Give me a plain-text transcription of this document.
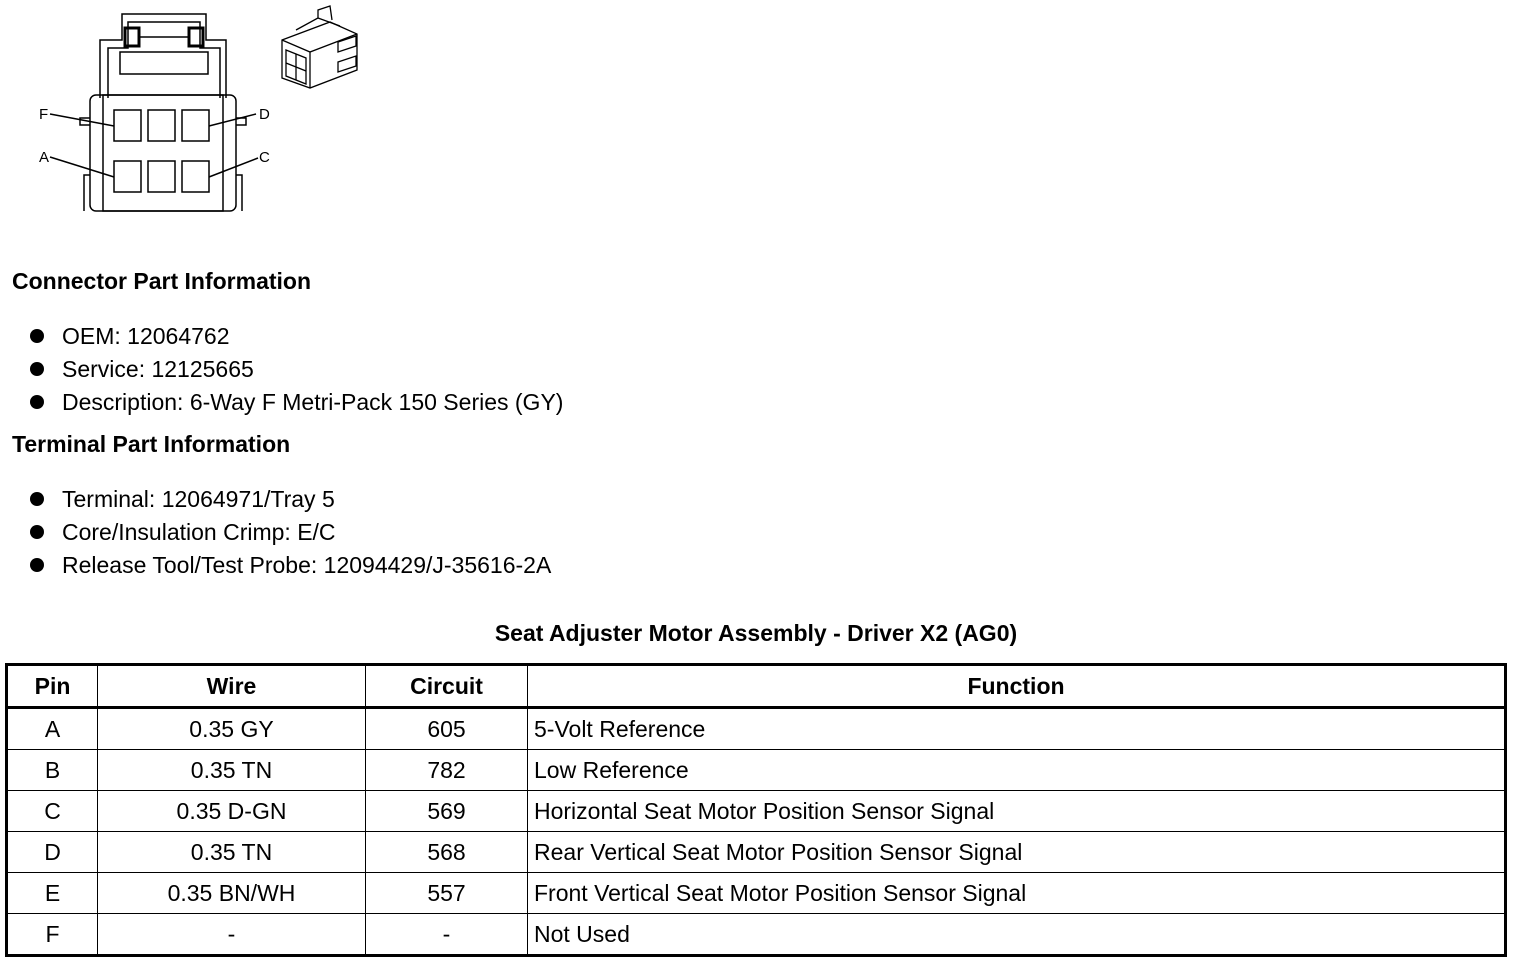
F	D
A	C
Connector Part Information
OEM: 12064762
Service: 12125665
Description: 6-Way F Metri-Pack 150 Series (GY)
Terminal Part Information
Terminal: 12064971/Tray 5
Core/Insulation Crimp: E/C
Release Tool/Test Probe: 12094429/J-35616-2A
Seat Adjuster Motor Assembly - Driver X2 (AG0)
Pin	Wire	Circuit	Function
A	0.35 GY	605	5-Volt Reference
B	0.35 TN	782	Low Reference
C	0.35 D-GN	569	Horizontal Seat Motor Position Sensor Signal
D	0.35 TN	568	Rear Vertical Seat Motor Position Sensor Signal
E	0.35 BN/WH	557	Front Vertical Seat Motor Position Sensor Signal
F	-	-	Not Used
